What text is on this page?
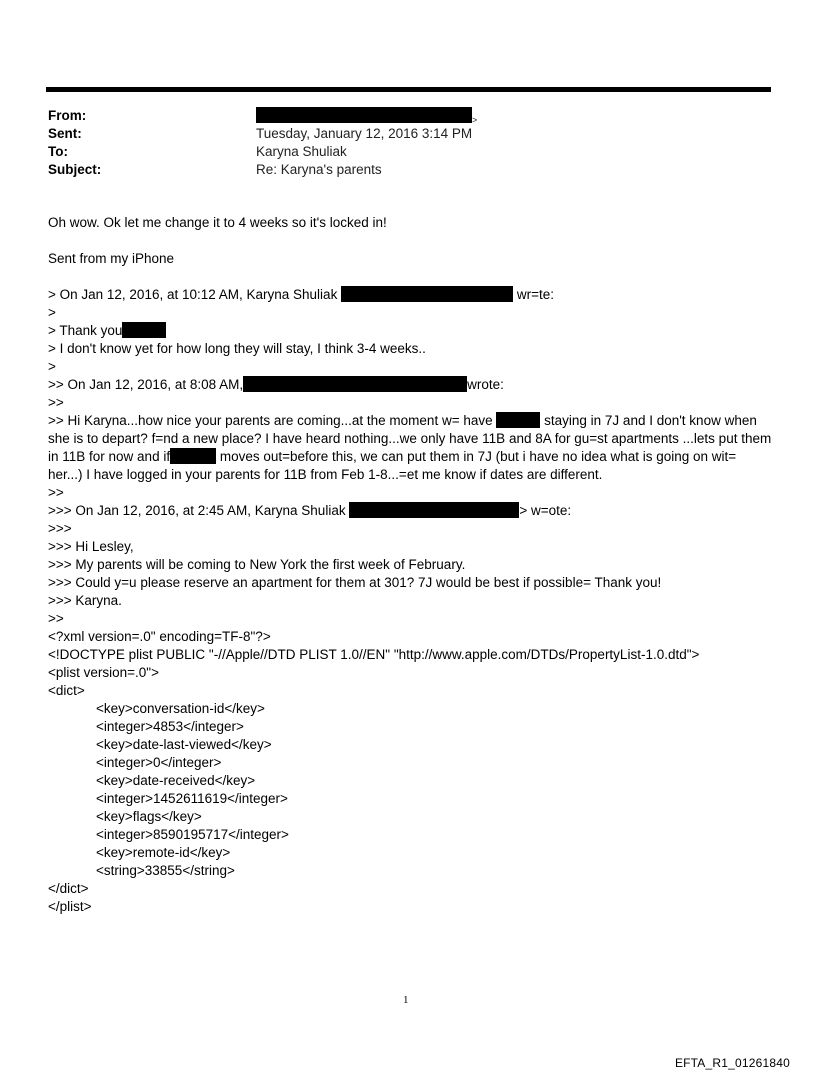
From:	$_>$
Sent:	Tuesday, January 12, 2016 3:14 PM
To:	Karyna Shuliak
Subject:	Re: Karyna's parents
Oh wow. Ok let me change it to 4 weeks so it's locked in!
Sent from my iPhone
> On Jan 12, 2016, at 10:12 AM, Karyna Shuliak	wr=te:
>
> Thank you
> I don't know yet for how long they will stay, I think 3-4 weeks..
>
>> On Jan 12, 2016, at 8:08 AM,	wrote:
>>
>> Hi Karyna...how nice your parents are coming...at the moment w= have	staying in 7J and I don't know when
she is to depart? f=nd a new place? I have heard nothing...we only have 11B and 8A for gu=st apartments ...lets put them
in 11B for now and if	moves out=before this, we can put them in 7J (but i have no idea what is going on wit=
her...) I have logged in your parents for 11B from Feb 1-8...=et me know if dates are different.
>>
>>> On Jan 12, 2016, at 2:45 AM, Karyna Shuliak	> w=ote:
>>>
>>> Hi Lesley,
>>> My parents will be coming to New York the first week of February.
>>> Could y=u please reserve an apartment for them at 301? 7J would be best if possible= Thank you!
>>> Karyna.
>>
<?xml version=.0" encoding=TF-8"?>
<!DOCTYPE plist PUBLIC "-//Apple//DTD PLIST 1.0//EN" "http://www.apple.com/DTDs/PropertyList-1.0.dtd">
<plist version=.0">
<dict>
<key>conversation-id</key>
<integer>4853</integer>
<key>date-last-viewed</key>
<integer>0</integer>
<key>date-received</key>
<integer>1452611619</integer>
<key>flags</key>
<integer>8590195717</integer>
<key>remote-id</key>
<string>33855</string>
</dict>
</plist>
1
EFTA_R1_01261840
